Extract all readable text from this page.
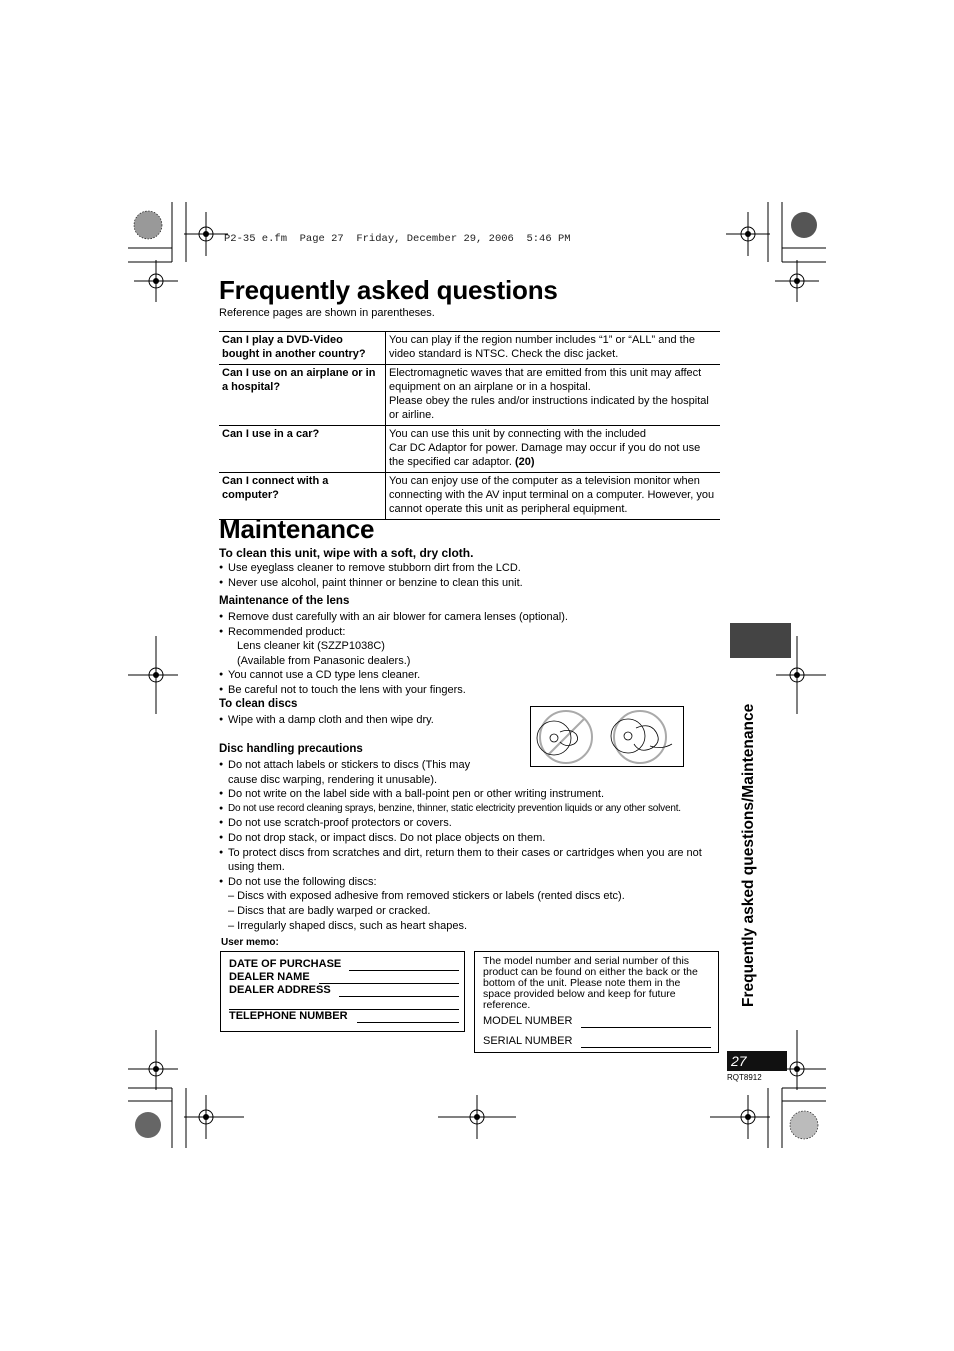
P2-35 e.fm  Page 27  Friday, December 29, 2006  5:46 PM
Frequently asked questions
Reference pages are shown in parentheses.
Can I play a DVD-Video bought in another country?	You can play if the region number includes “1” or “ALL” and the video standard is NTSC. Check the disc jacket.
Can I use on an airplane or in a hospital?	Electromagnetic waves that are emitted from this unit may affect equipment on an airplane or in a hospital.
Please obey the rules and/or instructions indicated by the hospital or airline.

Can I use in a car?	You can use this unit by connecting with the included
Car DC Adaptor for power. Damage may occur if you do not use the specified car adaptor. (20)

Can I connect with a computer?	You can enjoy use of the computer as a television monitor when connecting with the AV input terminal on a computer. However, you cannot operate this unit as peripheral equipment.
Maintenance
To clean this unit, wipe with a soft, dry cloth.
● Use eyeglass cleaner to remove stubborn dirt from the LCD.
● Never use alcohol, paint thinner or benzine to clean this unit.
Maintenance of the lens
● Remove dust carefully with an air blower for camera lenses (optional).
● Recommended product:
Lens cleaner kit (SZZP1038C)
(Available from Panasonic dealers.)
● You cannot use a CD type lens cleaner.
● Be careful not to touch the lens with your fingers.
To clean discs
● Wipe with a damp cloth and then wipe dry.
Disc handling precautions
● Do not attach labels or stickers to discs (This may cause disc warping, rendering it unusable).
● Do not write on the label side with a ball-point pen or other writing instrument.
● Do not use record cleaning sprays, benzine, thinner, static electricity prevention liquids or any other solvent.
● Do not use scratch-proof protectors or covers.
● Do not drop stack, or impact discs. Do not place objects on them.
● To protect discs from scratches and dirt, return them to their cases or cartridges when you are not using them.
● Do not use the following discs:
– Discs with exposed adhesive from removed stickers or labels (rented discs etc).
– Discs that are badly warped or cracked.
– Irregularly shaped discs, such as heart shapes.
User memo:
DATE OF PURCHASE
DEALER NAME
DEALER ADDRESS
TELEPHONE NUMBER
The model number and serial number of this product can be found on either the back or the bottom of the unit. Please note them in the space provided below and keep for future reference.
MODEL NUMBER
SERIAL NUMBER
Frequently asked questions/Maintenance
27
RQT8912
